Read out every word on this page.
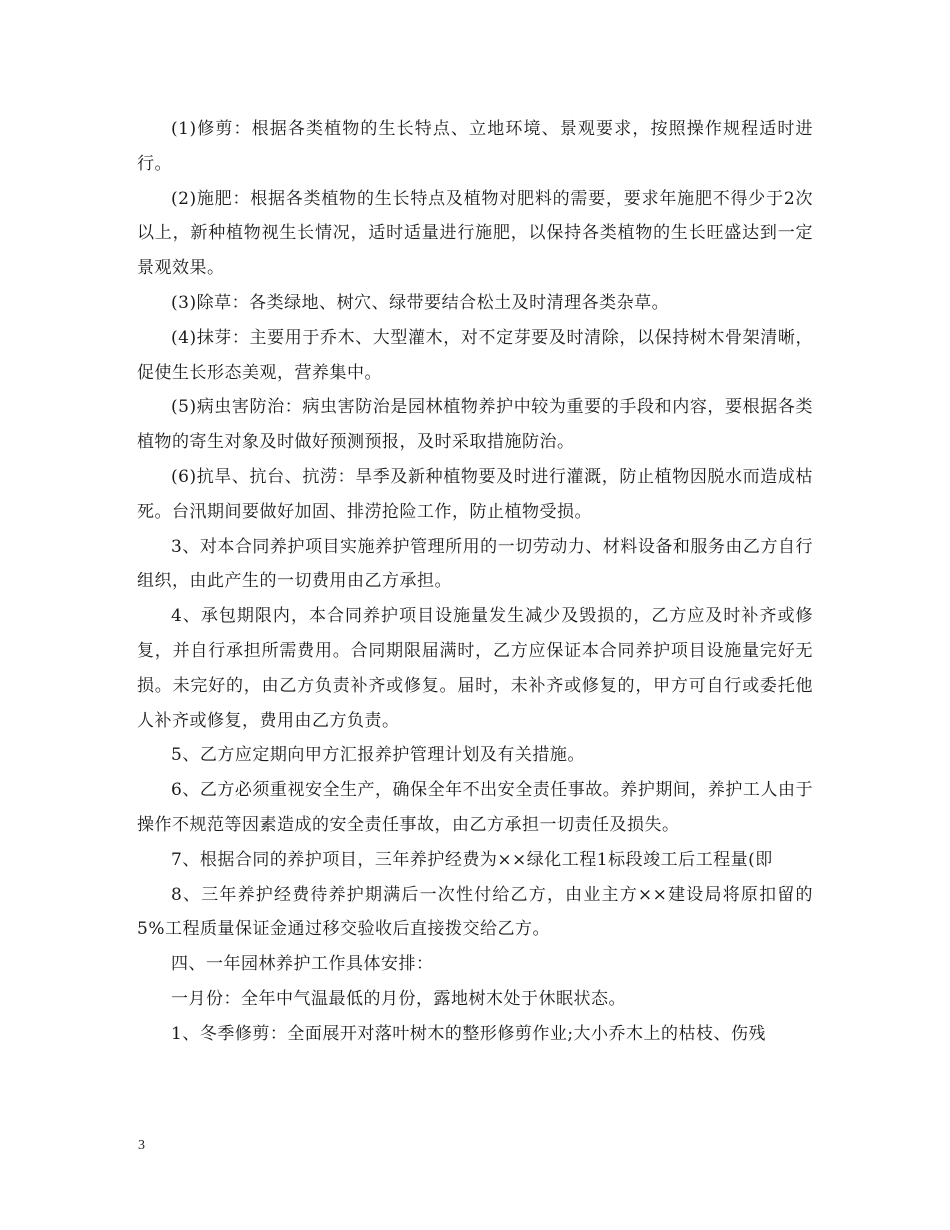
(1)修剪：根据各类植物的生长特点、立地环境、景观要求，按照操作规程适时进行。

(2)施肥：根据各类植物的生长特点及植物对肥料的需要，要求年施肥不得少于2次以上，新种植物视生长情况，适时适量进行施肥，以保持各类植物的生长旺盛达到一定景观效果。

(3)除草：各类绿地、树穴、绿带要结合松土及时清理各类杂草。

(4)抹芽：主要用于乔木、大型灌木，对不定芽要及时清除，以保持树木骨架清晰，促使生长形态美观，营养集中。

(5)病虫害防治：病虫害防治是园林植物养护中较为重要的手段和内容，要根据各类植物的寄生对象及时做好预测预报，及时采取措施防治。

(6)抗旱、抗台、抗涝：旱季及新种植物要及时进行灌溉，防止植物因脱水而造成枯死。台汛期间要做好加固、排涝抢险工作，防止植物受损。

3、对本合同养护项目实施养护管理所用的一切劳动力、材料设备和服务由乙方自行组织，由此产生的一切费用由乙方承担。

4、承包期限内，本合同养护项目设施量发生减少及毁损的，乙方应及时补齐或修复，并自行承担所需费用。合同期限届满时，乙方应保证本合同养护项目设施量完好无损。未完好的，由乙方负责补齐或修复。届时，未补齐或修复的，甲方可自行或委托他人补齐或修复，费用由乙方负责。

5、乙方应定期向甲方汇报养护管理计划及有关措施。

6、乙方必须重视安全生产，确保全年不出安全责任事故。养护期间，养护工人由于操作不规范等因素造成的安全责任事故，由乙方承担一切责任及损失。

7、根据合同的养护项目，三年养护经费为××绿化工程1标段竣工后工程量(即

8、三年养护经费待养护期满后一次性付给乙方，由业主方××建设局将原扣留的5%工程质量保证金通过移交验收后直接拨交给乙方。

四、一年园林养护工作具体安排：

一月份：全年中气温最低的月份，露地树木处于休眠状态。

1、冬季修剪：全面展开对落叶树木的整形修剪作业;大小乔木上的枯枝、伤残

3
